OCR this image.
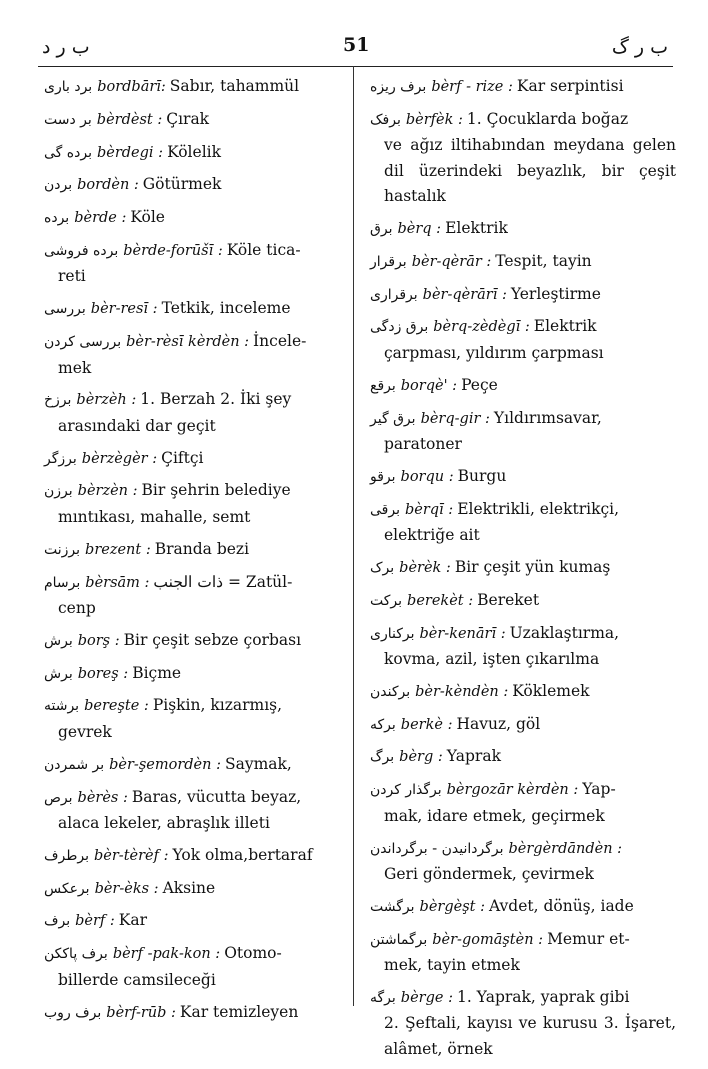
ب ر د	51	ب ر گ
برد باری bordbārī: Sabır, tahammül
بر دست bèrdèst : Çırak
برده گی bèrdegi : Kölelik
بردن bordèn : Götürmek
برده bèrde : Köle
برده فروشی bèrde-forūšī : Köle tica-
reti
بررسی bèr-resī : Tetkik, inceleme
بررسی کردن bèr-rèsī kèrdèn : İncele-
mek
برزخ bèrzèh : 1. Berzah 2. İki şey
arasındaki dar geçit
برزگر bèrzègèr : Çiftçi
برزن bèrzèn : Bir şehrin belediye
mıntıkası, mahalle, semt
برزنت brezent : Branda bezi
برسام bèrsām : ذات الجنب = Zatül-
cenp
برش borş : Bir çeşit sebze çorbası
برش boreş : Biçme
برشته bereşte : Pişkin, kızarmış,
gevrek
بر شمردن bèr-şemordèn : Saymak,
برص bèrès : Baras, vücutta beyaz,
alaca lekeler, abraşlık illeti
برطرف bèr-tèrèf : Yok olma,bertaraf
برعکس bèr-èks : Aksine
برف bèrf : Kar
برف پاککن bèrf -pak-kon : Otomo-
billerde camsileceği
برف روب bèrf-rūb : Kar temizleyen
برف ریزه bèrf - rize : Kar serpintisi
برفک bèrfèk : 1. Çocuklarda boğaz
ve ağız iltihabından meydana gelen dil üzerindeki beyazlık, bir çeşit hastalık
برق bèrq : Elektrik
برقرار bèr-qèrār : Tespit, tayin
برقراری bèr-qèrārī : Yerleştirme
برق زدگی bèrq-zèdègī : Elektrik
çarpması, yıldırım çarpması
برقع borqè' : Peçe
برق گیر bèrq-gir : Yıldırımsavar,
paratoner
برقو borqu : Burgu
برقی bèrqī : Elektrikli, elektrikçi,
elektriğe ait
برک bèrèk : Bir çeşit yün kumaş
برکت berekèt : Bereket
برکناری bèr-kenārī : Uzaklaştırma,
kovma, azil, işten çıkarılma
برکندن bèr-kèndèn : Köklemek
برکه berkè : Havuz, göl
برگ bèrg : Yaprak
برگذار کردن bèrgozār kèrdèn : Yap-
mak, idare etmek, geçirmek
برگردانیدن - برگرداندن bèrgèrdāndèn :
Geri göndermek, çevirmek
برگشت bèrgèşt : Avdet, dönüş, iade
برگماشتن bèr-gomāştèn : Memur et-
mek, tayin etmek
برگه bèrge : 1. Yaprak, yaprak gibi
2. Şeftali, kayısı ve kurusu 3. İşaret, alâmet, örnek
